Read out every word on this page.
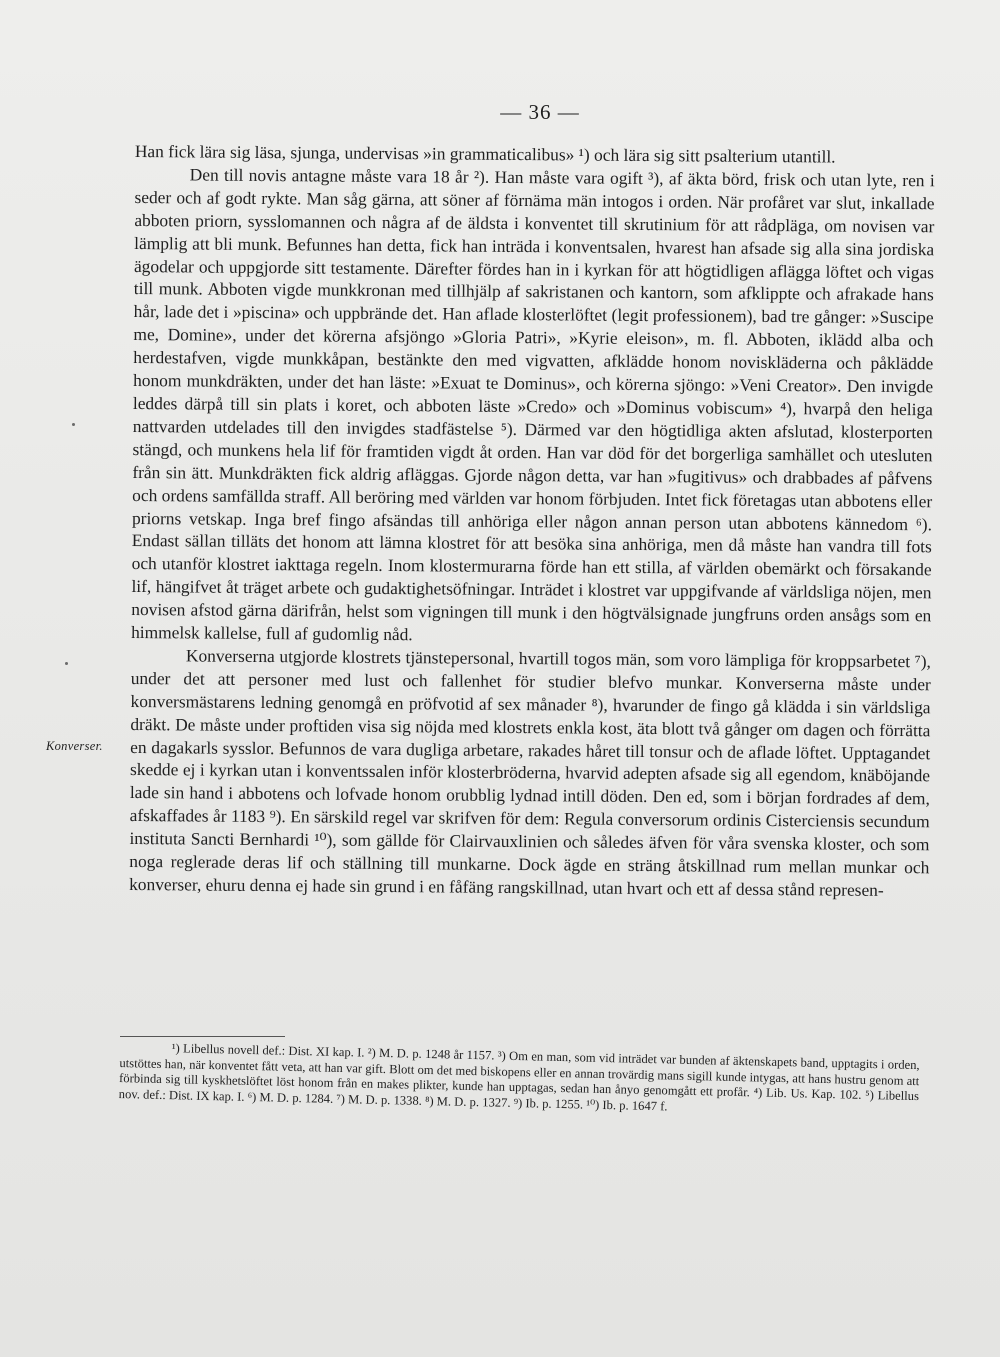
— 36 —

Han fick lära sig läsa, sjunga, undervisas »in grammaticalibus» ¹) och lära sig sitt psalterium utantill.

Den till novis antagne måste vara 18 år ²). Han måste vara ogift ³), af äkta börd, frisk och utan lyte, ren i seder och af godt rykte. Man såg gärna, att söner af förnäma män intogos i orden. När profåret var slut, inkallade abboten priorn, sysslomannen och några af de äldsta i konventet till skrutinium för att rådpläga, om novisen var lämplig att bli munk. Befunnes han detta, fick han inträda i konventsalen, hvarest han afsade sig alla sina jordiska ägodelar och uppgjorde sitt testamente. Därefter fördes han in i kyrkan för att högtidligen aflägga löftet och vigas till munk. Abboten vigde munkkronan med tillhjälp af sakristanen och kantorn, som afklippte och afrakade hans hår, lade det i »piscina» och uppbrände det. Han aflade klosterlöftet (legit professionem), bad tre gånger: »Suscipe me, Domine», under det körerna afsjöngo »Gloria Patri», »Kyrie eleison», m. fl. Abboten, iklädd alba och herdestafven, vigde munkkåpan, bestänkte den med vigvatten, afklädde honom noviskläderna och påklädde honom munkdräkten, under det han läste: »Exuat te Dominus», och körerna sjöngo: »Veni Creator». Den invigde leddes därpå till sin plats i koret, och abboten läste »Credo» och »Dominus vobiscum» ⁴), hvarpå den heliga nattvarden utdelades till den invigdes stadfästelse ⁵). Därmed var den högtidliga akten afslutad, klosterporten stängd, och munkens hela lif för framtiden vigdt åt orden. Han var död för det borgerliga samhället och utesluten från sin ätt. Munkdräkten fick aldrig afläggas. Gjorde någon detta, var han »fugitivus» och drabbades af påfvens och ordens samfällda straff. All beröring med världen var honom förbjuden. Intet fick företagas utan abbotens eller priorns vetskap. Inga bref fingo afsändas till anhöriga eller någon annan person utan abbotens kännedom ⁶). Endast sällan tilläts det honom att lämna klostret för att besöka sina anhöriga, men då måste han vandra till fots och utanför klostret iakttaga regeln. Inom klostermurarna förde han ett stilla, af världen obemärkt och försakande lif, hängifvet åt träget arbete och gudaktighetsöfningar. Inträdet i klostret var uppgifvande af världsliga nöjen, men novisen afstod gärna därifrån, helst som vigningen till munk i den högtvälsignade jungfruns orden ansågs som en himmelsk kallelse, full af gudomlig nåd.

Konverserna utgjorde klostrets tjänstepersonal, hvartill togos män, som voro lämpliga för kroppsarbetet ⁷), under det att personer med lust och fallenhet för studier blefvo munkar. Konverserna måste under konversmästarens ledning genomgå en pröfvotid af sex månader ⁸), hvarunder de fingo gå klädda i sin världsliga dräkt. De måste under proftiden visa sig nöjda med klostrets enkla kost, äta blott två gånger om dagen och förrätta en dagakarls sysslor. Befunnos de vara dugliga arbetare, rakades håret till tonsur och de aflade löftet. Upptagandet skedde ej i kyrkan utan i konventssalen inför klosterbröderna, hvarvid adepten afsade sig all egendom, knäböjande lade sin hand i abbotens och lofvade honom orubblig lydnad intill döden. Den ed, som i början fordrades af dem, afskaffades år 1183 ⁹). En särskild regel var skrifven för dem: Regula conversorum ordinis Cisterciensis secundum instituta Sancti Bernhardi ¹⁰), som gällde för Clairvauxlinien och således äfven för våra svenska kloster, och som noga reglerade deras lif och ställning till munkarne. Dock ägde en sträng åtskillnad rum mellan munkar och konverser, ehuru denna ej hade sin grund i en fåfäng rangskillnad, utan hvart och ett af dessa stånd represen-

Konverser.

¹) Libellus novell def.: Dist. XI kap. I. ²) M. D. p. 1248 år 1157. ³) Om en man, som vid inträdet var bunden af äktenskapets band, upptagits i orden, utstöttes han, när konventet fått veta, att han var gift. Blott om det med biskopens eller en annan trovärdig mans sigill kunde intygas, att hans hustru genom att förbinda sig till kyskhetslöftet löst honom från en makes plikter, kunde han upptagas, sedan han ånyo genomgått ett profår. ⁴) Lib. Us. Kap. 102. ⁵) Libellus nov. def.: Dist. IX kap. I. ⁶) M. D. p. 1284. ⁷) M. D. p. 1338. ⁸) M. D. p. 1327. ⁹) Ib. p. 1255. ¹⁰) Ib. p. 1647 f.
